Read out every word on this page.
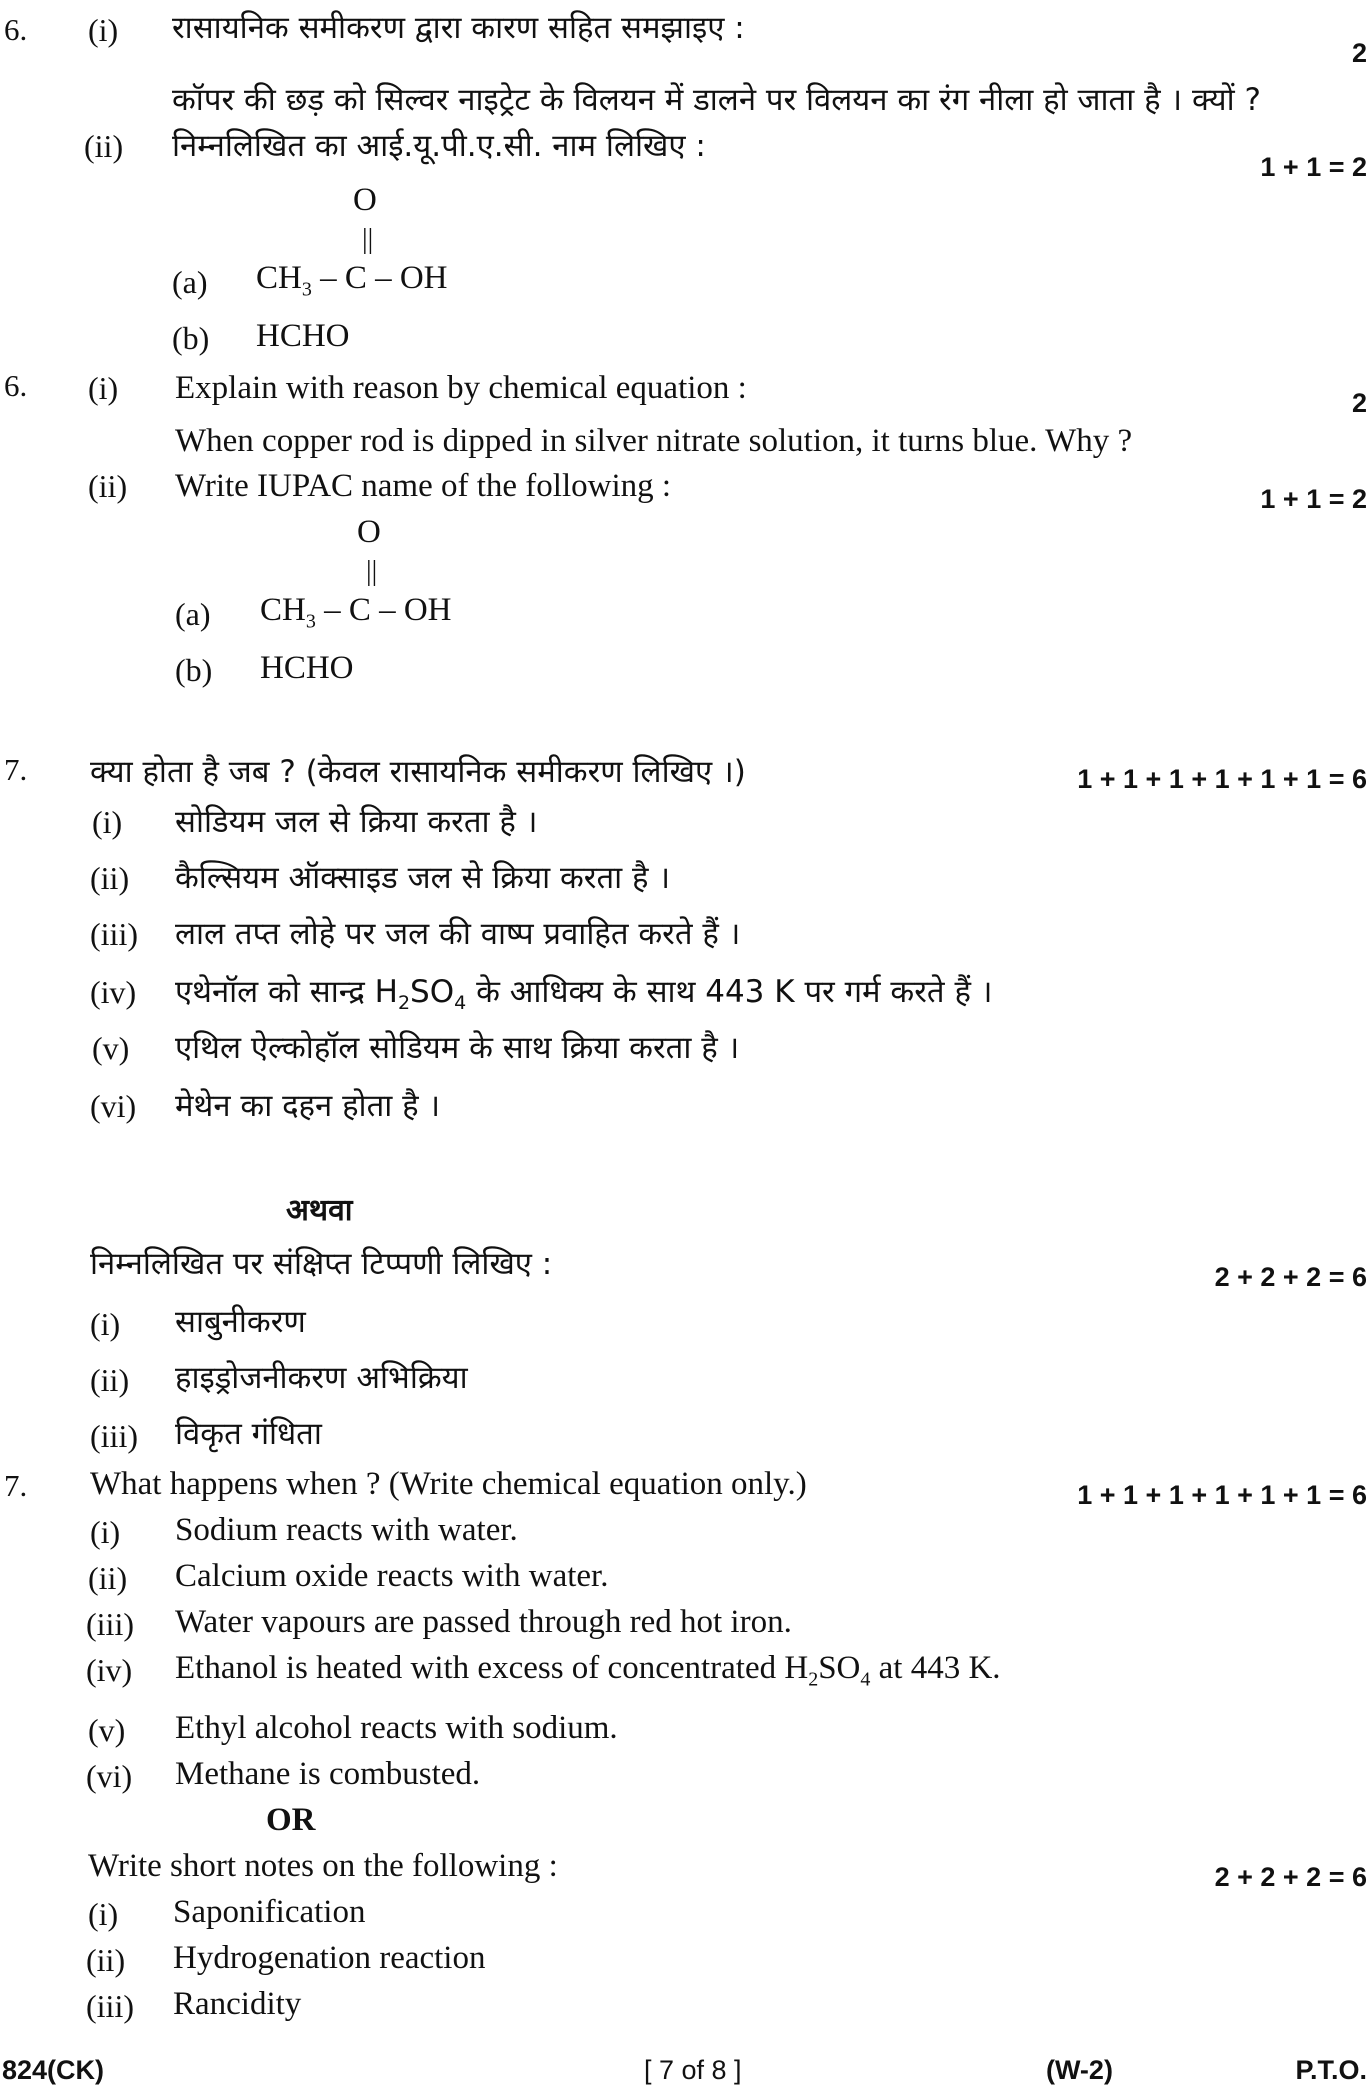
6. (i) रासायनिक समीकरण द्वारा कारण सहित समझाइए :
2
कॉपर की छड़ को सिल्वर नाइट्रेट के विलयन में डालने पर विलयन का रंग नीला हो जाता है । क्यों ?
(ii) निम्नलिखित का आई.यू.पी.ए.सी. नाम लिखिए :
1 + 1 = 2
O
||
(a) $CH_3$ – C – OH
(b) HCHO
6. (i) Explain with reason by chemical equation :	2
When copper rod is dipped in silver nitrate solution, it turns blue. Why ?
(ii) Write IUPAC name of the following :	1 + 1 = 2
O
||
(a) $CH_3$ – C – OH
(b) HCHO
7. क्या होता है जब ? (केवल रासायनिक समीकरण लिखिए ।)	1 + 1 + 1 + 1 + 1 + 1 = 6
(i) सोडियम जल से क्रिया करता है ।
(ii) कैल्सियम ऑक्साइड जल से क्रिया करता है ।
(iii) लाल तप्त लोहे पर जल की वाष्प प्रवाहित करते हैं ।
(iv) एथेनॉल को सान्द्र $H_2SO_4$ के आधिक्य के साथ 443 K पर गर्म करते हैं ।
(v) एथिल ऐल्कोहॉल सोडियम के साथ क्रिया करता है ।
(vi) मेथेन का दहन होता है ।
अथवा
निम्नलिखित पर संक्षिप्त टिप्पणी लिखिए :	2 + 2 + 2 = 6
(i) साबुनीकरण
(ii) हाइड्रोजनीकरण अभिक्रिया
(iii) विकृत गंधिता
7. What happens when ? (Write chemical equation only.)	1 + 1 + 1 + 1 + 1 + 1 = 6
(i) Sodium reacts with water.
(ii) Calcium oxide reacts with water.
(iii) Water vapours are passed through red hot iron.
(iv) Ethanol is heated with excess of concentrated $H_2SO_4$ at 443 K.
(v) Ethyl alcohol reacts with sodium.
(vi) Methane is combusted.
OR
Write short notes on the following :	2 + 2 + 2 = 6
(i) Saponification
(ii) Hydrogenation reaction
(iii) Rancidity
824(CK)	[ 7 of 8 ]	(W-2)	P.T.O.
